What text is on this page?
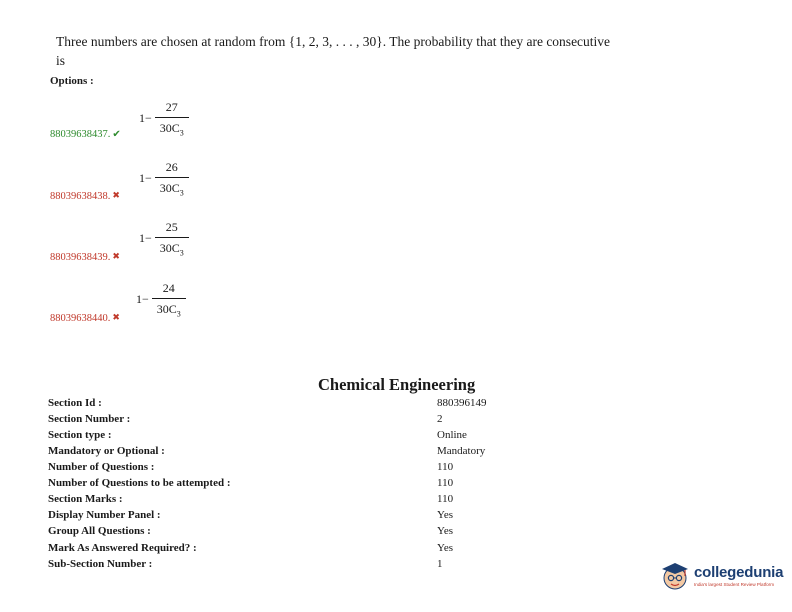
Three numbers are chosen at random from {1, 2, 3, . . . , 30}. The probability that they are consecutive is
Options :
$1- \frac{27}{30C_3}$
88039638437. ✔
$1- \frac{26}{30C_3}$
88039638438. ✖
$1- \frac{25}{30C_3}$
88039638439. ✖
$1- \frac{24}{30C_3}$
88039638440. ✖
Chemical Engineering
Section Id :	880396149
Section Number :	2
Section type :	Online
Mandatory or Optional :	Mandatory
Number of Questions :	110
Number of Questions to be attempted :	110
Section Marks :	110
Display Number Panel :	Yes
Group All Questions :	Yes
Mark As Answered Required? :	Yes
Sub-Section Number :	1	collegedunia
India's largest Student Review Platform
